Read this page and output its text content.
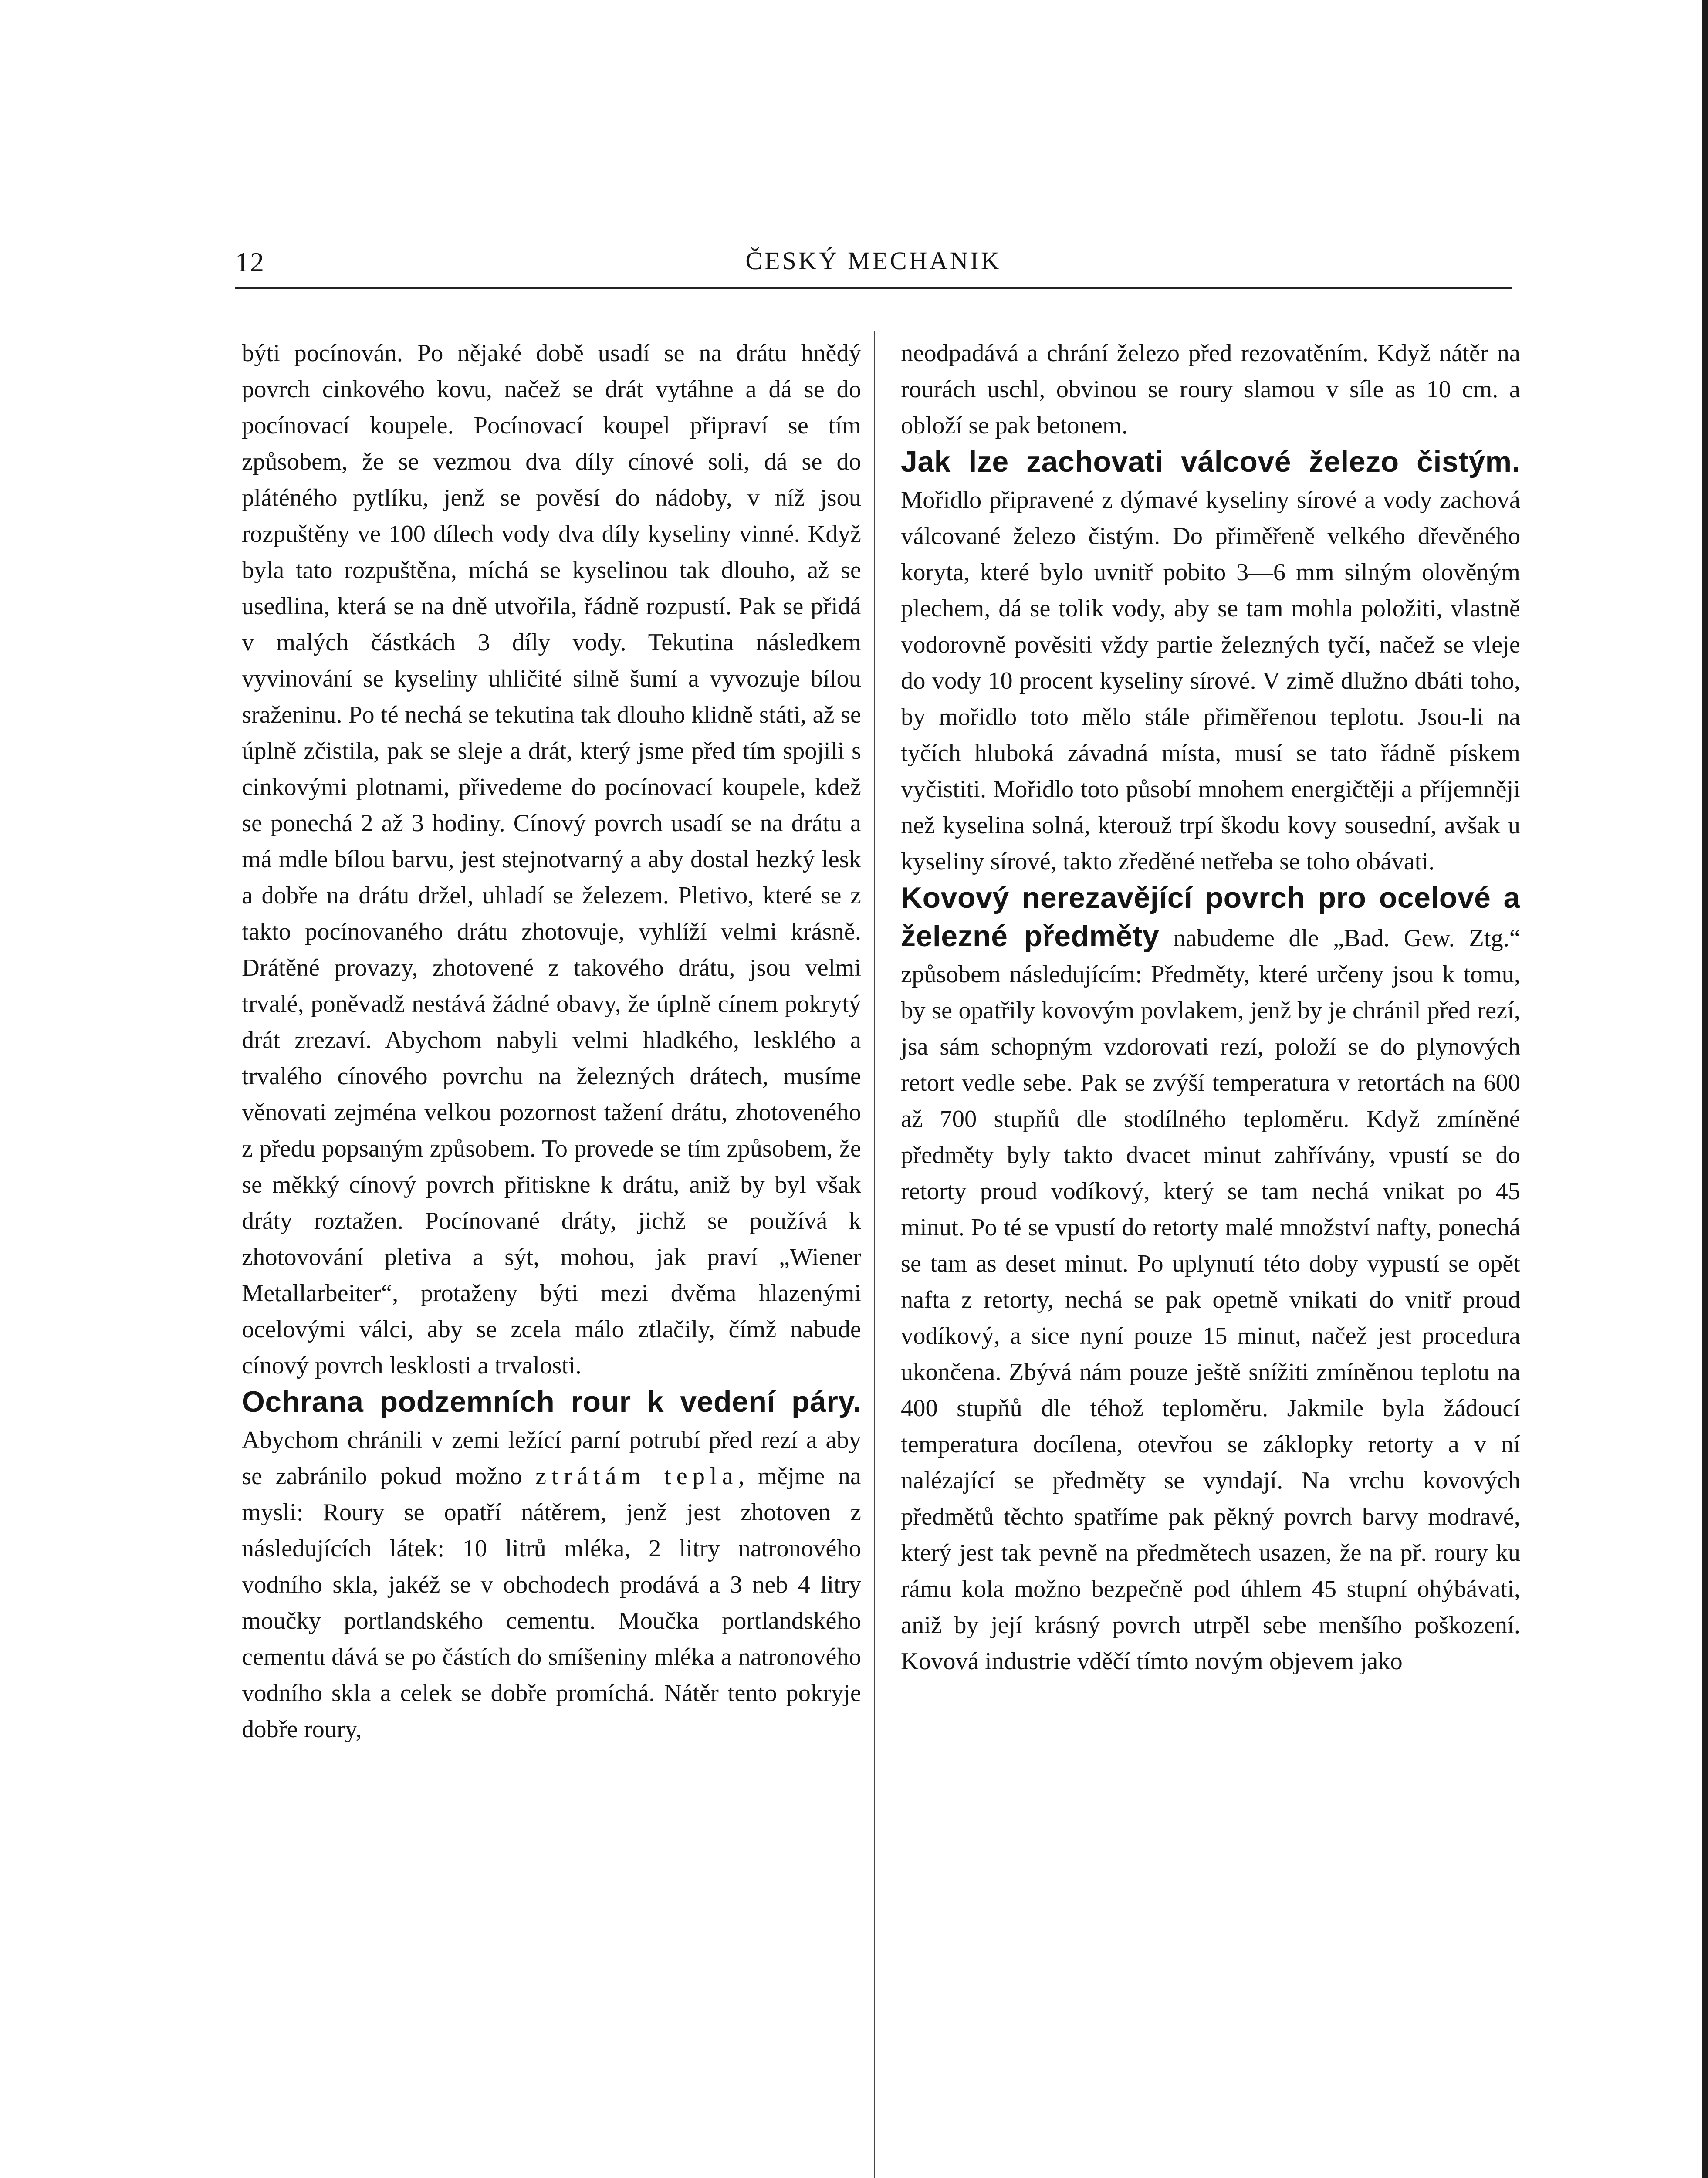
12	ČESKÝ MECHANIK

býti pocínován. Po nějaké době usadí se na drátu hnědý povrch cinkového kovu, načež se drát vytáhne a dá se do pocínovací koupele. Pocínovací koupel připraví se tím způsobem, že se vezmou dva díly cínové soli, dá se do pláténého pytlíku, jenž se pověsí do nádoby, v níž jsou rozpuštěny ve 100 dílech vody dva díly kyseliny vinné. Když byla tato rozpuštěna, míchá se kyselinou tak dlouho, až se usedlina, která se na dně utvořila, řádně rozpustí. Pak se přidá v malých částkách 3 díly vody. Tekutina následkem vyvinování se kyseliny uhličité silně šumí a vyvozuje bílou sraženinu. Po té nechá se tekutina tak dlouho klidně státi, až se úplně zčistila, pak se sleje a drát, který jsme před tím spojili s cinkovými plotnami, přivedeme do pocínovací koupele, kdež se ponechá 2 až 3 hodiny. Cínový povrch usadí se na drátu a má mdle bílou barvu, jest stejnotvarný a aby dostal hezký lesk a dobře na drátu držel, uhladí se železem. Pletivo, které se z takto pocínovaného drátu zhotovuje, vyhlíží velmi krásně. Drátěné provazy, zhotovené z takového drátu, jsou velmi trvalé, poněvadž nestává žádné obavy, že úplně cínem pokrytý drát zrezaví. Abychom nabyli velmi hladkého, lesklého a trvalého cínového povrchu na železných drátech, musíme věnovati zejména velkou pozornost tažení drátu, zhotoveného z předu popsaným způsobem. To provede se tím způsobem, že se měkký cínový povrch přitiskne k drátu, aniž by byl však dráty roztažen. Pocínované dráty, jichž se používá k zhotovování pletiva a sýt, mohou, jak praví „Wiener Metallarbeiter“, protaženy býti mezi dvěma hlazenými ocelovými válci, aby se zcela málo ztlačily, čímž nabude cínový povrch lesklosti a trvalosti.

Ochrana podzemních rour k vedení páry. Abychom chránili v zemi ležící parní potrubí před rezí a aby se zabránilo pokud možno ztrátám tepla, mějme na mysli: Roury se opatří nátěrem, jenž jest zhotoven z následujících látek: 10 litrů mléka, 2 litry natronového vodního skla, jakéž se v obchodech prodává a 3 neb 4 litry moučky portlandského cementu. Moučka portlandského cementu dává se po částích do smíšeniny mléka a natronového vodního skla a celek se dobře promíchá. Nátěr tento pokryje dobře roury,

neodpadává a chrání železo před rezovatěním. Když nátěr na rourách uschl, obvinou se roury slamou v síle as 10 cm. a obloží se pak betonem.

Jak lze zachovati válcové železo čistým. Mořidlo připravené z dýmavé kyseliny sírové a vody zachová válcované železo čistým. Do přiměřeně velkého dřevěného koryta, které bylo uvnitř pobito 3—6 mm silným olověným plechem, dá se tolik vody, aby se tam mohla položiti, vlastně vodorovně pověsiti vždy partie železných tyčí, načež se vleje do vody 10 procent kyseliny sírové. V zimě dlužno dbáti toho, by mořidlo toto mělo stále přiměřenou teplotu. Jsou-li na tyčích hluboká závadná místa, musí se tato řádně pískem vyčistiti. Mořidlo toto působí mnohem energičtěji a příjemněji než kyselina solná, kterouž trpí škodu kovy sousední, avšak u kyseliny sírové, takto zředěné netřeba se toho obávati.

Kovový nerezavějící povrch pro ocelové a železné předměty nabudeme dle „Bad. Gew. Ztg.“ způsobem následujícím: Předměty, které určeny jsou k tomu, by se opatřily kovovým povlakem, jenž by je chránil před rezí, jsa sám schopným vzdorovati rezí, položí se do plynových retort vedle sebe. Pak se zvýší temperatura v retortách na 600 až 700 stupňů dle stodílného teploměru. Když zmíněné předměty byly takto dvacet minut zahřívány, vpustí se do retorty proud vodíkový, který se tam nechá vnikat po 45 minut. Po té se vpustí do retorty malé množství nafty, ponechá se tam as deset minut. Po uplynutí této doby vypustí se opět nafta z retorty, nechá se pak opetně vnikati do vnitř proud vodíkový, a sice nyní pouze 15 minut, načež jest procedura ukončena. Zbývá nám pouze ještě snížiti zmíněnou teplotu na 400 stupňů dle téhož teploměru. Jakmile byla žádoucí temperatura docílena, otevřou se záklopky retorty a v ní nalézající se předměty se vyndají. Na vrchu kovových předmětů těchto spatříme pak pěkný povrch barvy modravé, který jest tak pevně na předmětech usazen, že na př. roury ku rámu kola možno bezpečně pod úhlem 45 stupní ohýbávati, aniž by její krásný povrch utrpěl sebe menšího poškození. Kovová industrie vděčí tímto novým objevem jako
